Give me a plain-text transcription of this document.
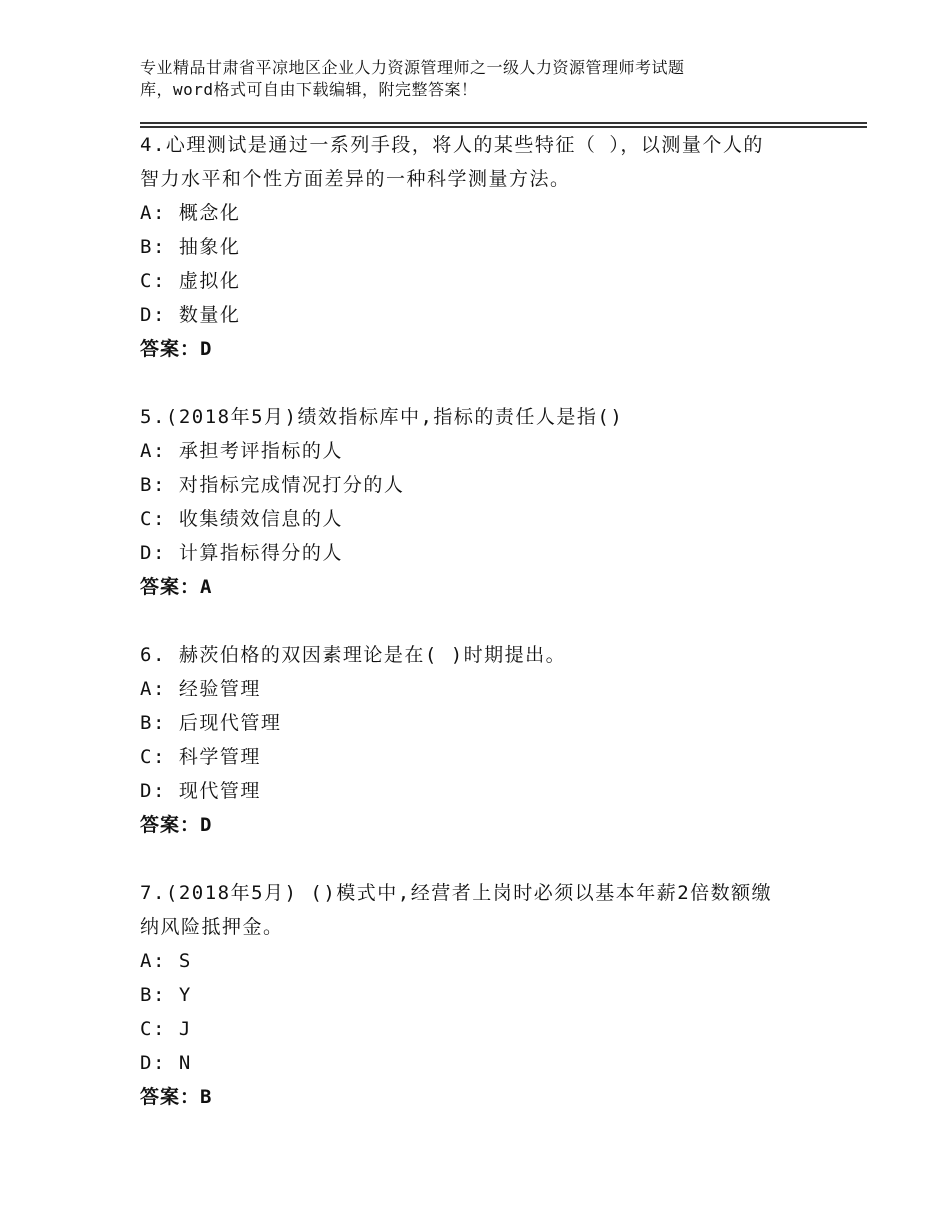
专业精品甘肃省平凉地区企业人力资源管理师之一级人力资源管理师考试题
库，word格式可自由下载编辑，附完整答案！
4.心理测试是通过一系列手段，将人的某些特征（ ），以测量个人的
智力水平和个性方面差异的一种科学测量方法。
A: 概念化
B: 抽象化
C: 虚拟化
D: 数量化
答案：D
5.(2018年5月)绩效指标库中,指标的责任人是指()
A: 承担考评指标的人
B: 对指标完成情况打分的人
C: 收集绩效信息的人
D: 计算指标得分的人
答案：A
6. 赫茨伯格的双因素理论是在( )时期提出。
A: 经验管理
B: 后现代管理
C: 科学管理
D: 现代管理
答案：D
7.(2018年5月) ()模式中,经营者上岗时必须以基本年薪2倍数额缴
纳风险抵押金。
A: S
B: Y
C: J
D: N
答案：B
